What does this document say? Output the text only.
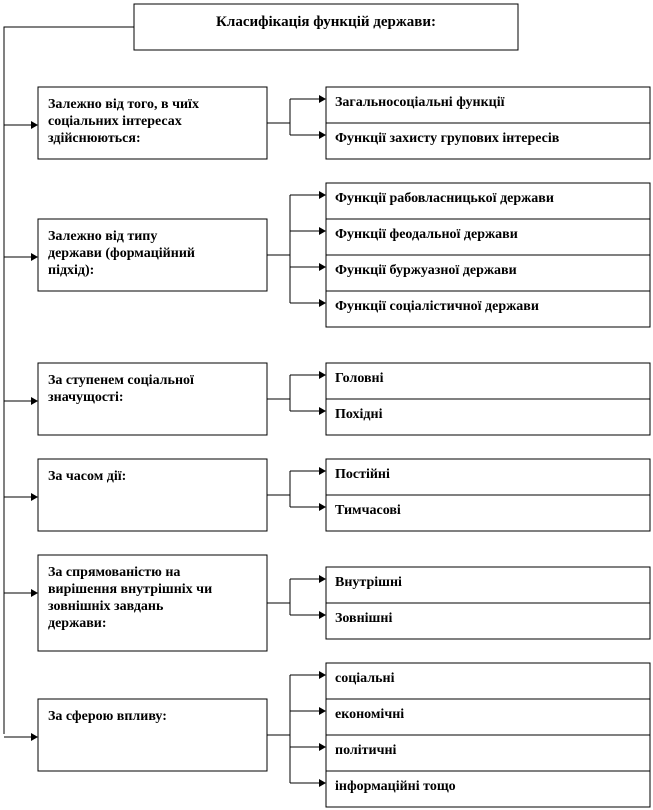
Класифікація функцій держави:
Залежно від того, в чиїх соціальних інтересах здійснюються:
Загальносоціальні функції
Функції захисту групових інтересів
Залежно від типу держави (формаційний підхід):
Функції рабовласницької держави
Функції феодальної держави
Функції буржуазної держави
Функції соціалістичної держави
За ступенем соціальної значущості:
Головні
Похідні
За часом дії:	Постійні
Тимчасові
За спрямованістю на вирішення внутрішніх чи зовнішніх завдань держави:
Внутрішні
Зовнішні
За сферою впливу:
соціальні
економічні
політичні
інформаційні тощо
